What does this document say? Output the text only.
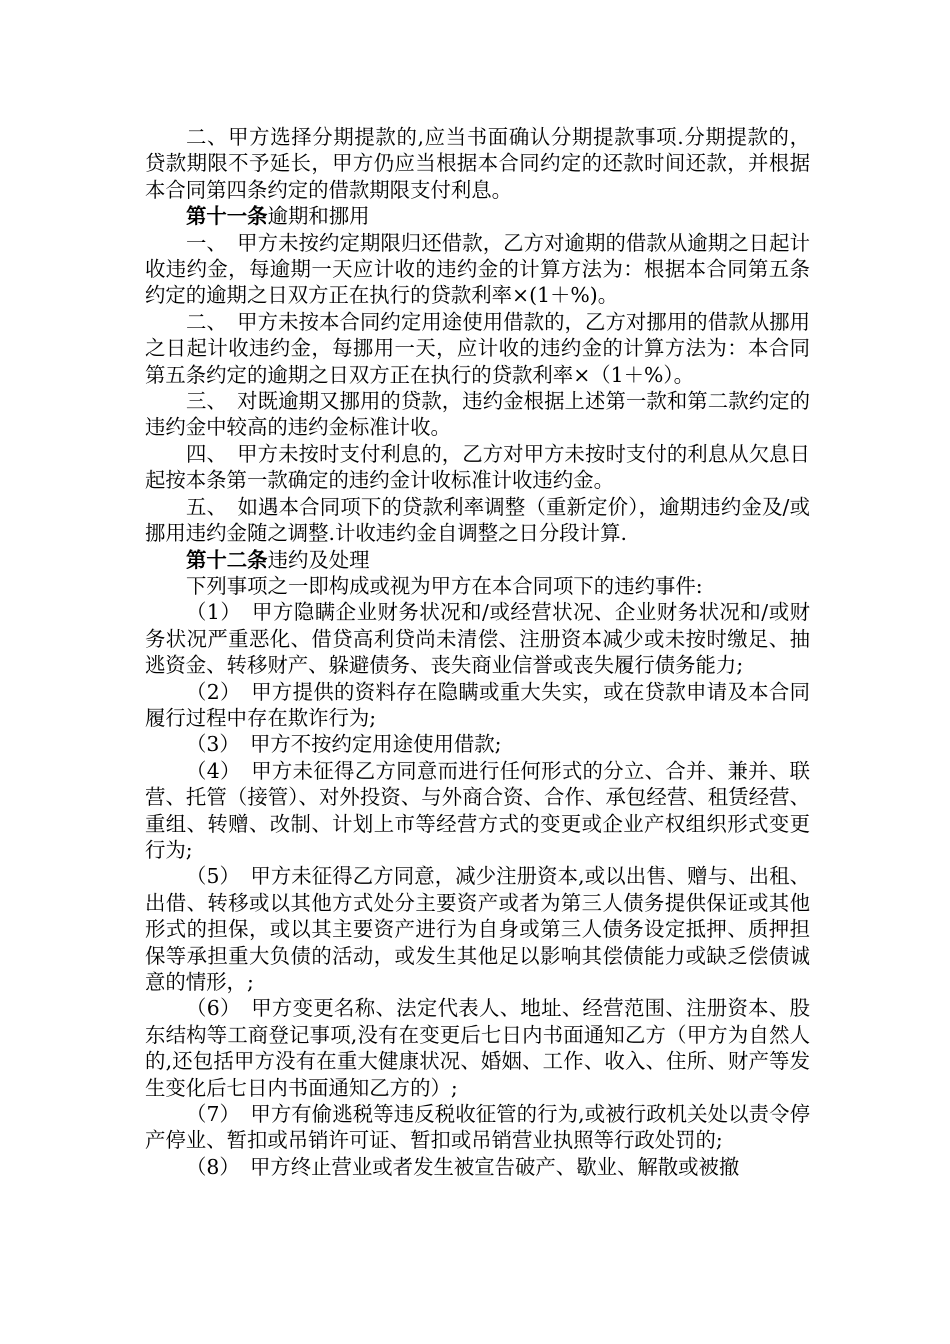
二、甲方选择分期提款的,应当书面确认分期提款事项.分期提款的，贷款期限不予延长，甲方仍应当根据本合同约定的还款时间还款，并根据本合同第四条约定的借款期限支付利息。

第十一条逾期和挪用

一、　甲方未按约定期限归还借款，乙方对逾期的借款从逾期之日起计收违约金，每逾期一天应计收的违约金的计算方法为：根据本合同第五条约定的逾期之日双方正在执行的贷款利率×(1＋%)。

二、　甲方未按本合同约定用途使用借款的，乙方对挪用的借款从挪用之日起计收违约金，每挪用一天，应计收的违约金的计算方法为：本合同第五条约定的逾期之日双方正在执行的贷款利率×（1＋%）。

三、　对既逾期又挪用的贷款，违约金根据上述第一款和第二款约定的违约金中较高的违约金标准计收。

四、　甲方未按时支付利息的，乙方对甲方未按时支付的利息从欠息日起按本条第一款确定的违约金计收标准计收违约金。

五、　如遇本合同项下的贷款利率调整（重新定价），逾期违约金及/或挪用违约金随之调整.计收违约金自调整之日分段计算.

第十二条违约及处理

下列事项之一即构成或视为甲方在本合同项下的违约事件:

（1）　甲方隐瞒企业财务状况和/或经营状况、企业财务状况和/或财务状况严重恶化、借贷高利贷尚未清偿、注册资本减少或未按时缴足、抽逃资金、转移财产、躲避债务、丧失商业信誉或丧失履行债务能力;

（2）　甲方提供的资料存在隐瞒或重大失实，或在贷款申请及本合同履行过程中存在欺诈行为;

（3）　甲方不按约定用途使用借款;

（4）　甲方未征得乙方同意而进行任何形式的分立、合并、兼并、联营、托管（接管）、对外投资、与外商合资、合作、承包经营、租赁经营、重组、转赠、改制、计划上市等经营方式的变更或企业产权组织形式变更行为;

（5）　甲方未征得乙方同意，减少注册资本,或以出售、赠与、出租、出借、转移或以其他方式处分主要资产或者为第三人债务提供保证或其他形式的担保，或以其主要资产进行为自身或第三人债务设定抵押、质押担保等承担重大负债的活动，或发生其他足以影响其偿债能力或缺乏偿债诚意的情形，;

（6）　甲方变更名称、法定代表人、地址、经营范围、注册资本、股东结构等工商登记事项,没有在变更后七日内书面通知乙方（甲方为自然人的,还包括甲方没有在重大健康状况、婚姻、工作、收入、住所、财产等发生变化后七日内书面通知乙方的）;

（7）　甲方有偷逃税等违反税收征管的行为,或被行政机关处以责令停产停业、暂扣或吊销许可证、暂扣或吊销营业执照等行政处罚的;

（8）　甲方终止营业或者发生被宣告破产、歇业、解散或被撤
